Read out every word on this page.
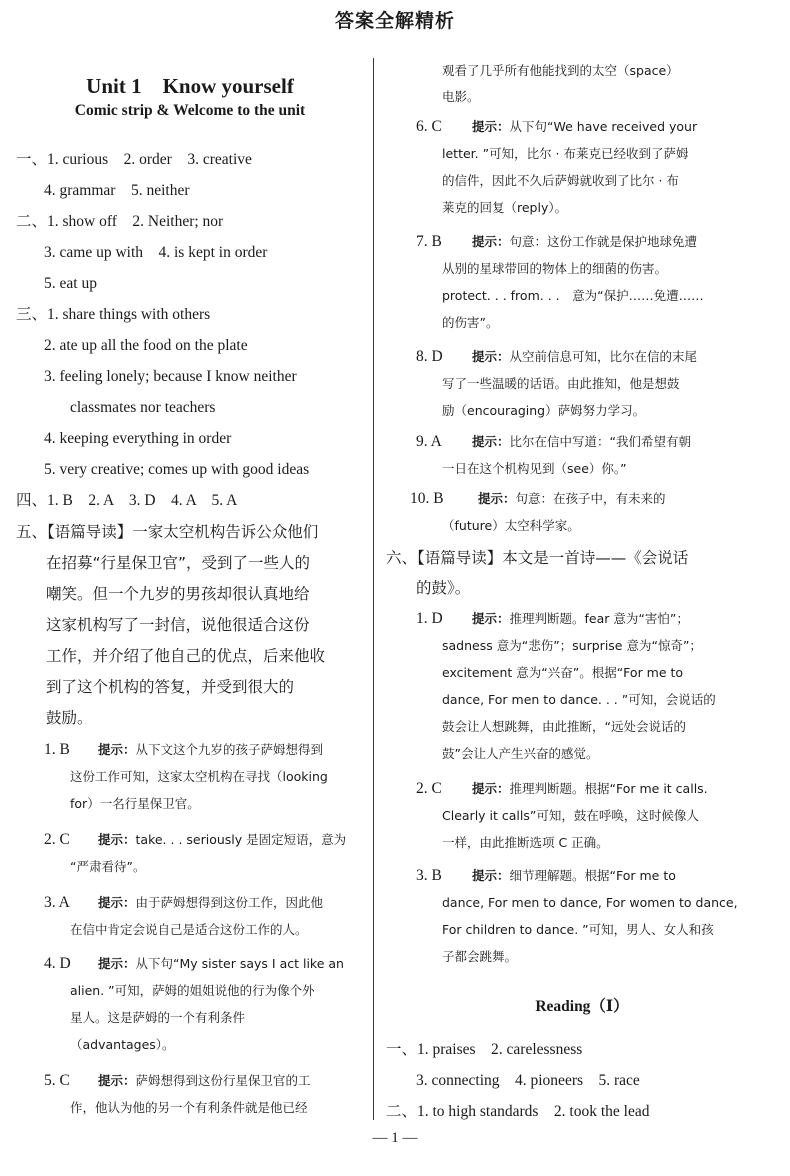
答案全解精析
Unit 1　Know yourself
Comic strip & Welcome to the unit
一、1. curious　2. order　3. creative
4. grammar　5. neither
二、1. show off　2. Neither; nor
3. came up with　4. is kept in order
5. eat up
三、1. share things with others
2. ate up all the food on the plate
3. feeling lonely; because I know neither
classmates nor teachers
4. keeping everything in order
5. very creative; comes up with good ideas
四、1. B　2. A　3. D　4. A　5. A
五、【语篇导读】一家太空机构告诉公众他们
在招募“行星保卫官”，受到了一些人的
嘲笑。但一个九岁的男孩却很认真地给
这家机构写了一封信，说他很适合这份
工作，并介绍了他自己的优点，后来他收
到了这个机构的答复，并受到很大的
鼓励。
1. B 提示：从下文这个九岁的孩子萨姆想得到
这份工作可知，这家太空机构在寻找（looking
for）一名行星保卫官。
2. C 提示：take. . . seriously 是固定短语，意为
“严肃看待”。
3. A 提示：由于萨姆想得到这份工作，因此他
在信中肯定会说自己是适合这份工作的人。
4. D 提示：从下句“My sister says I act like an
alien. ”可知，萨姆的姐姐说他的行为像个外
星人。这是萨姆的一个有利条件
（advantages）。
5. C 提示：萨姆想得到这份行星保卫官的工
作，他认为他的另一个有利条件就是他已经
观看了几乎所有他能找到的太空（space）
电影。
6. C 提示：从下句“We have received your
letter. ”可知，比尔 · 布莱克已经收到了萨姆
的信件，因此不久后萨姆就收到了比尔 · 布
莱克的回复（reply）。
7. B 提示：句意：这份工作就是保护地球免遭
从别的星球带回的物体上的细菌的伤害。
protect. . . from. . .　意为“保护……免遭……
的伤害”。
8. D 提示：从空前信息可知，比尔在信的末尾
写了一些温暖的话语。由此推知，他是想鼓
励（encouraging）萨姆努力学习。
9. A 提示：比尔在信中写道：“我们希望有朝
一日在这个机构见到（see）你。”
10. B	提示：句意：在孩子中，有未来的
（future）太空科学家。
六、【语篇导读】本文是一首诗——《会说话
的鼓》。
1. D 提示：推理判断题。fear 意为“害怕”；
sadness 意为“悲伤”；surprise 意为“惊奇”；
excitement 意为“兴奋”。根据“For me to
dance, For men to dance. . . ”可知，会说话的
鼓会让人想跳舞，由此推断，“远处会说话的
鼓”会让人产生兴奋的感觉。
2. C 提示：推理判断题。根据“For me it calls.
Clearly it calls”可知，鼓在呼唤，这时候像人
一样，由此推断选项 C 正确。
3. B 提示：细节理解题。根据“For me to
dance, For men to dance, For women to dance,
For children to dance. ”可知，男人、女人和孩
子都会跳舞。
Reading（Ⅰ）
一、1. praises　2. carelessness
3. connecting　4. pioneers　5. race
二、1. to high standards　2. took the lead
— 1 —
